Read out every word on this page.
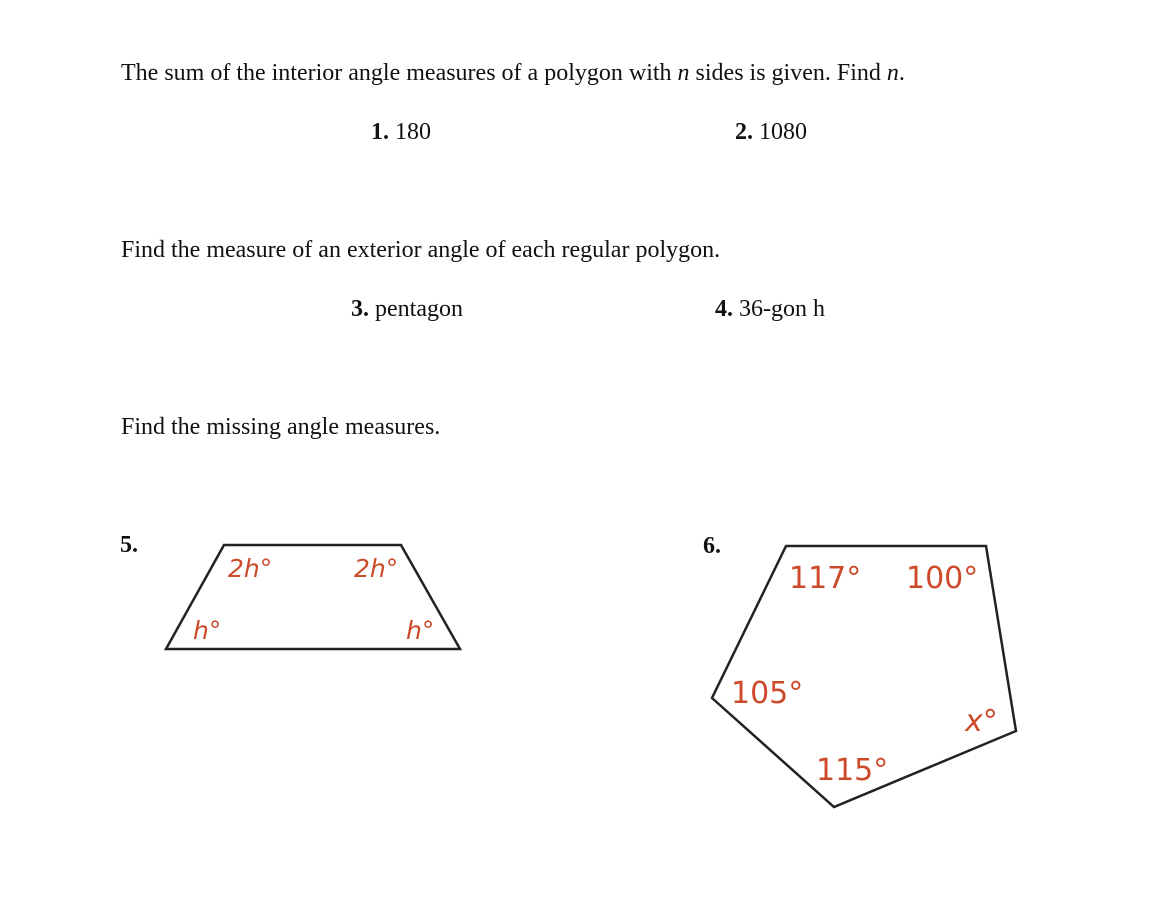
The sum of the interior angle measures of a polygon with n sides is given. Find n.
1. 180	2. 1080
Find the measure of an exterior angle of each regular polygon.
3. pentagon	4. 36-gon h
Find the missing angle measures.
5.	6.
2h°	2h°
h°	h°
117° 100°
105°
x°
115°
